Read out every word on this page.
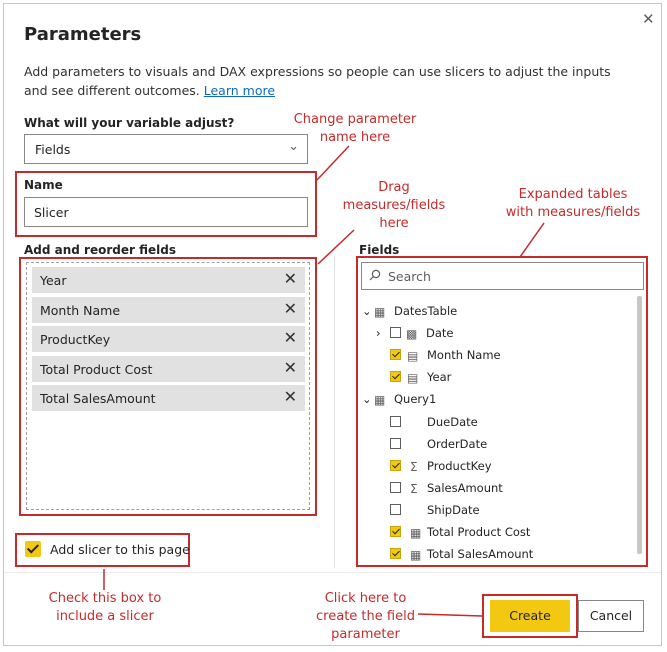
Parameters
✕
Add parameters to visuals and DAX expressions so people can use slicers to adjust the inputs and see different outcomes. Learn more
What will your variable adjust?
Fields	⌄
Name
Slicer
Add and reorder fields
Year	✕
Month Name	✕
ProductKey	✕
Total Product Cost	✕
Total SalesAmount	✕
Fields
Search
⌄ ▦ DatesTable
› ▩ Date
▤ Month Name
▤ Year
⌄ ▦ Query1
DueDate
OrderDate
Σ ProductKey
Σ SalesAmount
ShipDate
▦ Total Product Cost
▦ Total SalesAmount
Add slicer to this page
Create	Cancel
Change parameter
name here
Drag
measures/fields
here
Expanded tables
with measures/fields
Check this box to
include a slicer
Click here to
create the field
parameter
